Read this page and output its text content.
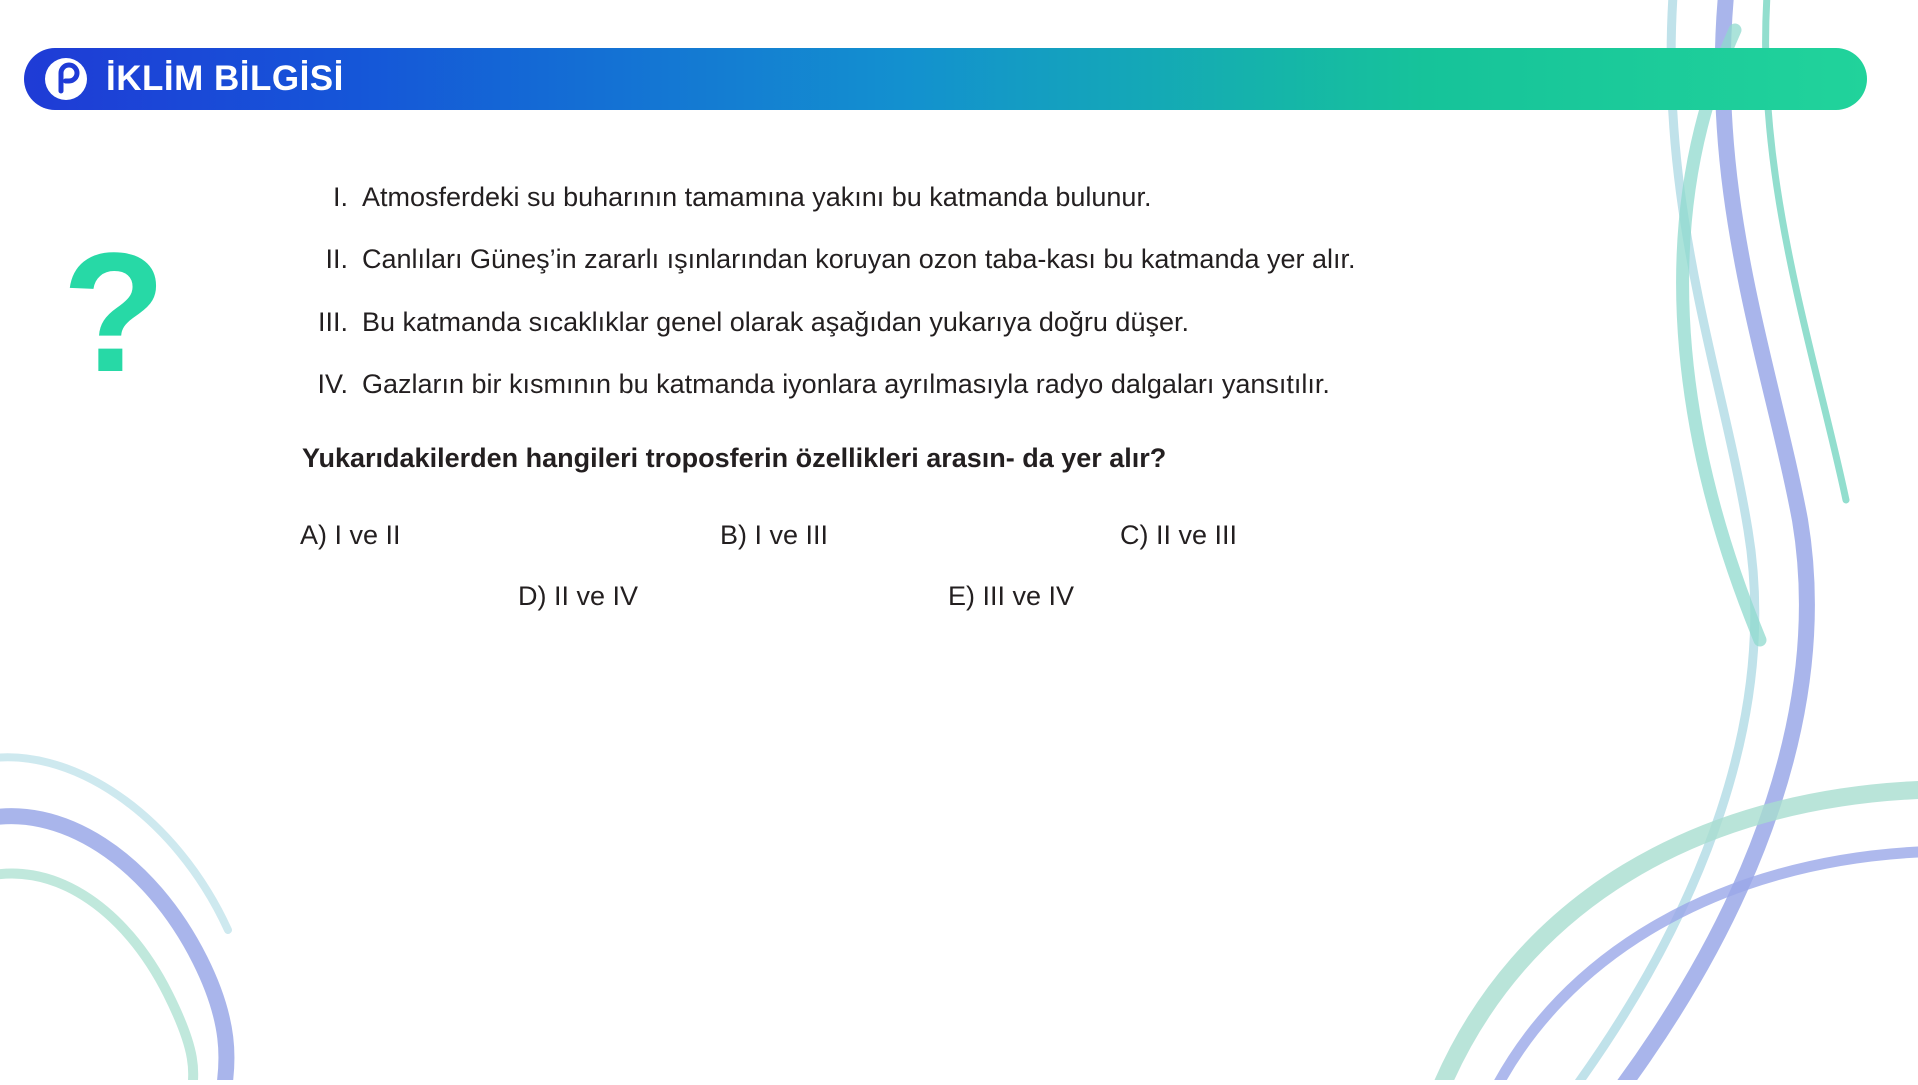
İKLİM BİLGİSİ
?
I. Atmosferdeki su buharının tamamına yakını bu katmanda bulunur.
II. Canlıları Güneş’in zararlı ışınlarından koruyan ozon taba-kası bu katmanda yer alır.
III. Bu katmanda sıcaklıklar genel olarak aşağıdan yukarıya doğru düşer.
IV. Gazların bir kısmının bu katmanda iyonlara ayrılmasıyla radyo dalgaları yansıtılır.
Yukarıdakilerden hangileri troposferin özellikleri arasın- da yer alır?
A) I ve II	B) I ve III	C) II ve III
D) II ve IV	E) III ve IV
